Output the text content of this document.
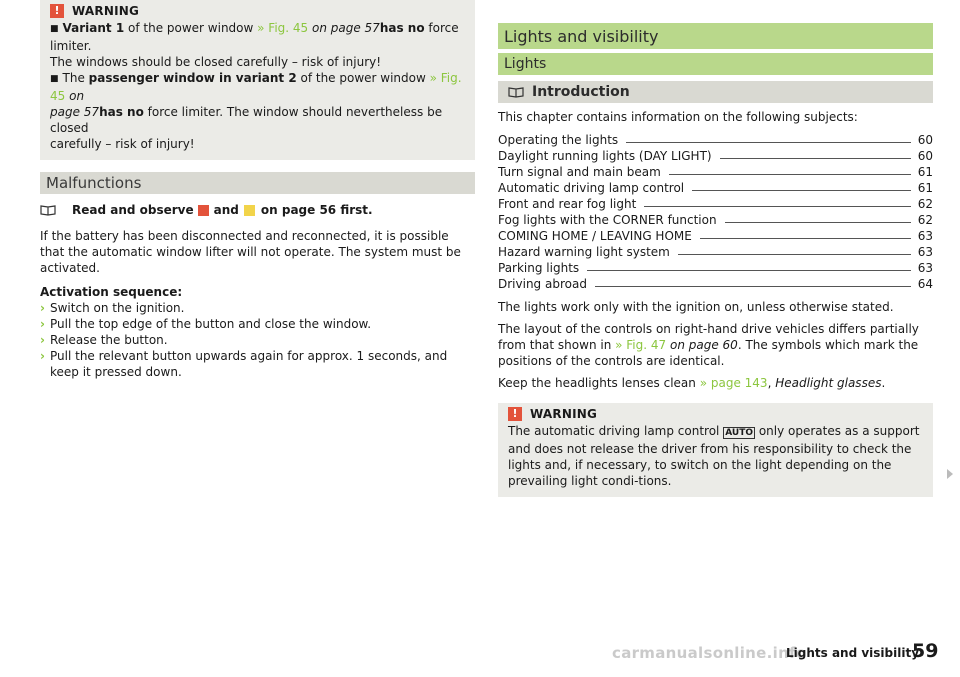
!	WARNING

■ Variant 1 of the power window » Fig. 45 on page 57has no force limiter.

The windows should be closed carefully – risk of injury!

■ The passenger window in variant 2 of the power window » Fig. 45 on

page 57has no force limiter. The window should nevertheless be closed

carefully – risk of injury!

Malfunctions
Read and observe and on page 56 first.

If the battery has been disconnected and reconnected, it is possible that the automatic window lifter will not operate. The system must be activated.

Activation sequence:

› Switch on the ignition.
› Pull the top edge of the button and close the window.
› Release the button.
› Pull the relevant button upwards again for approx. 1 seconds, and keep it pressed down.
Lights and visibility
Lights
Introduction

This chapter contains information on the following subjects:

Operating the lights	60
Daylight running lights (DAY LIGHT)	60
Turn signal and main beam	61
Automatic driving lamp control	61
Front and rear fog light	62
Fog lights with the CORNER function	62
COMING HOME / LEAVING HOME	63
Hazard warning light system	63
Parking lights	63
Driving abroad	64

The lights work only with the ignition on, unless otherwise stated.

The layout of the controls on right-hand drive vehicles differs partially from that shown in » Fig. 47 on page 60. The symbols which mark the positions of the controls are identical.

Keep the headlights lenses clean » page 143, Headlight glasses.

!	WARNING

The automatic driving lamp control AUTO only operates as a support and does not release the driver from his responsibility to check the lights and, if necessary, to switch on the light depending on the prevailing light condi-tions.

carmanualsonline.info
Lights and visibility
59
